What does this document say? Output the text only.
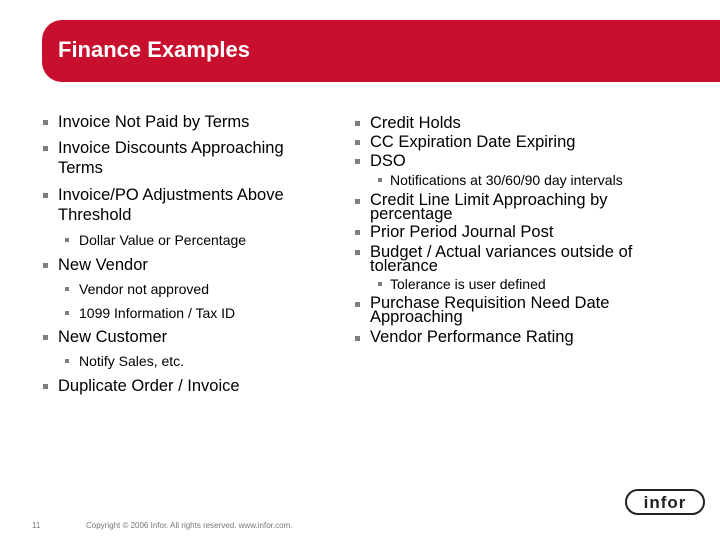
Finance Examples
Invoice Not Paid by Terms
Invoice Discounts Approaching
Terms
Invoice/PO Adjustments Above
Threshold
Dollar Value or Percentage
New Vendor
Vendor not approved
1099 Information / Tax ID
New Customer
Notify Sales, etc.
Duplicate Order / Invoice
Credit Holds
CC Expiration Date Expiring
DSO
Notifications at 30/60/90 day intervals
Credit Line Limit Approaching by
percentage
Prior Period Journal Post
Budget / Actual variances outside of
tolerance
Tolerance is user defined
Purchase Requisition Need Date
Approaching
Vendor Performance Rating
11	Copyright © 2006 Infor. All rights reserved. www.infor.com.
infor
